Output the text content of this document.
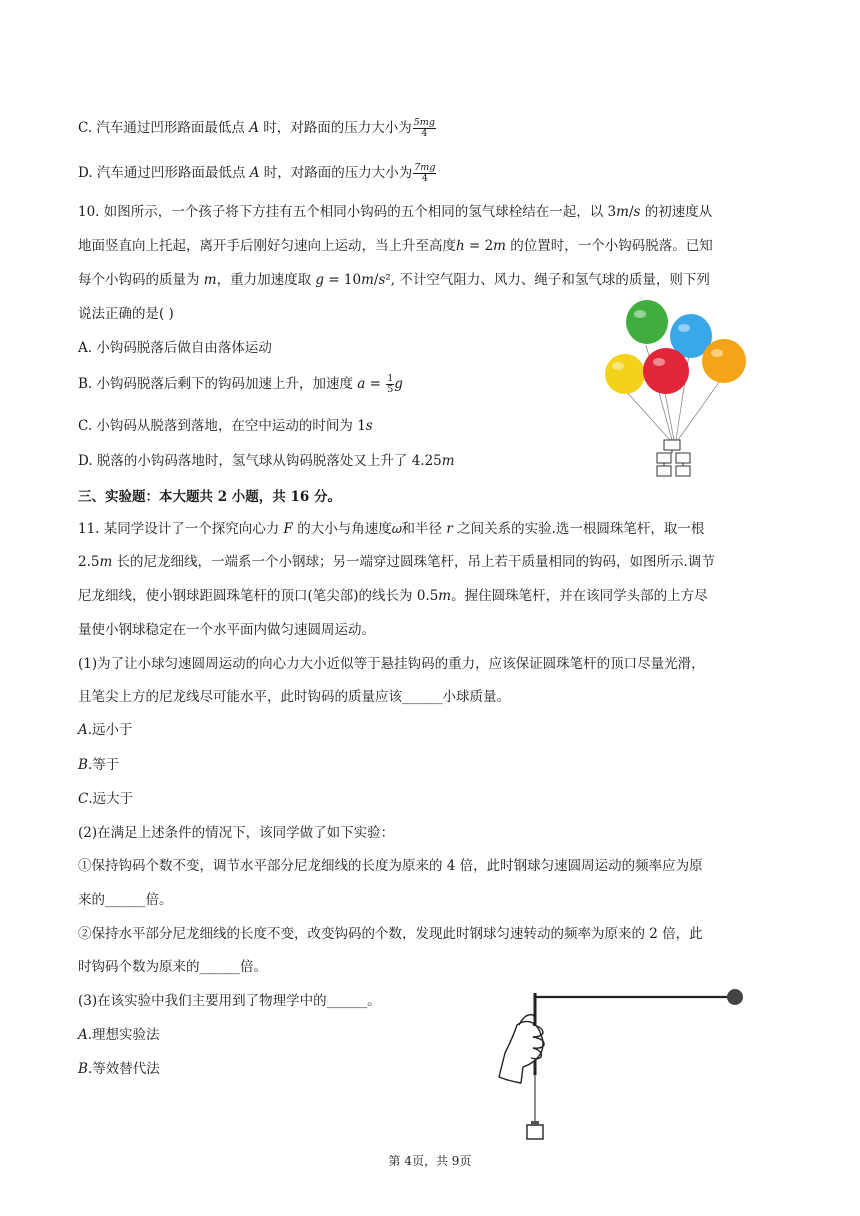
C. 汽车通过凹形路面最低点 𝐴 时，对路面的压力大小为 $\frac{\text{5𝑚𝑔}}{4}$
D. 汽车通过凹形路面最低点 𝐴 时，对路面的压力大小为 $\frac{\text{7𝑚𝑔}}{4}$
10. 如图所示，一个孩子将下方挂有五个相同小钩码的五个相同的氢气球栓结在一起，以 3𝑚/𝑠 的初速度从
地面竖直向上托起，离开手后刚好匀速向上运动，当上升至高度ℎ = 2𝑚 的位置时，一个小钩码脱落。已知
每个小钩码的质量为 𝑚，重力加速度取 𝑔 = 10𝑚/𝑠², 不计空气阻力、风力、绳子和氢气球的质量，则下列
说法正确的是( )
A. 小钩码脱落后做自由落体运动
B. 小钩码脱落后剩下的钩码加速上升，加速度 𝑎 = $\frac{1}{5}$ 𝑔
C. 小钩码从脱落到落地，在空中运动的时间为 1𝑠
D. 脱落的小钩码落地时，氢气球从钩码脱落处又上升了 4.25𝑚
三、实验题：本大题共 2 小题，共 16 分。
11. 某同学设计了一个探究向心力 𝐹 的大小与角速度𝜔和半径 𝑟 之间关系的实验.选一根圆珠笔杆，取一根
2.5𝑚 长的尼龙细线，一端系一个小钢球；另一端穿过圆珠笔杆，吊上若干质量相同的钩码，如图所示.调节
尼龙细线，使小钢球距圆珠笔杆的顶口(笔尖部)的线长为 0.5𝑚。握住圆珠笔杆，并在该同学头部的上方尽
量使小钢球稳定在一个水平面内做匀速圆周运动。
(1)为了让小球匀速圆周运动的向心力大小近似等于悬挂钩码的重力，应该保证圆珠笔杆的顶口尽量光滑，
且笔尖上方的尼龙线尽可能水平，此时钩码的质量应该______小球质量。
𝐴.远小于
𝐵.等于
𝐶.远大于
(2)在满足上述条件的情况下，该同学做了如下实验：
①保持钩码个数不变，调节水平部分尼龙细线的长度为原来的 4 倍，此时钢球匀速圆周运动的频率应为原
来的______倍。
②保持水平部分尼龙细线的长度不变，改变钩码的个数，发现此时钢球匀速转动的频率为原来的 2 倍，此
时钩码个数为原来的______倍。
(3)在该实验中我们主要用到了物理学中的______。
𝐴.理想实验法
𝐵.等效替代法
第 4页，共 9页
